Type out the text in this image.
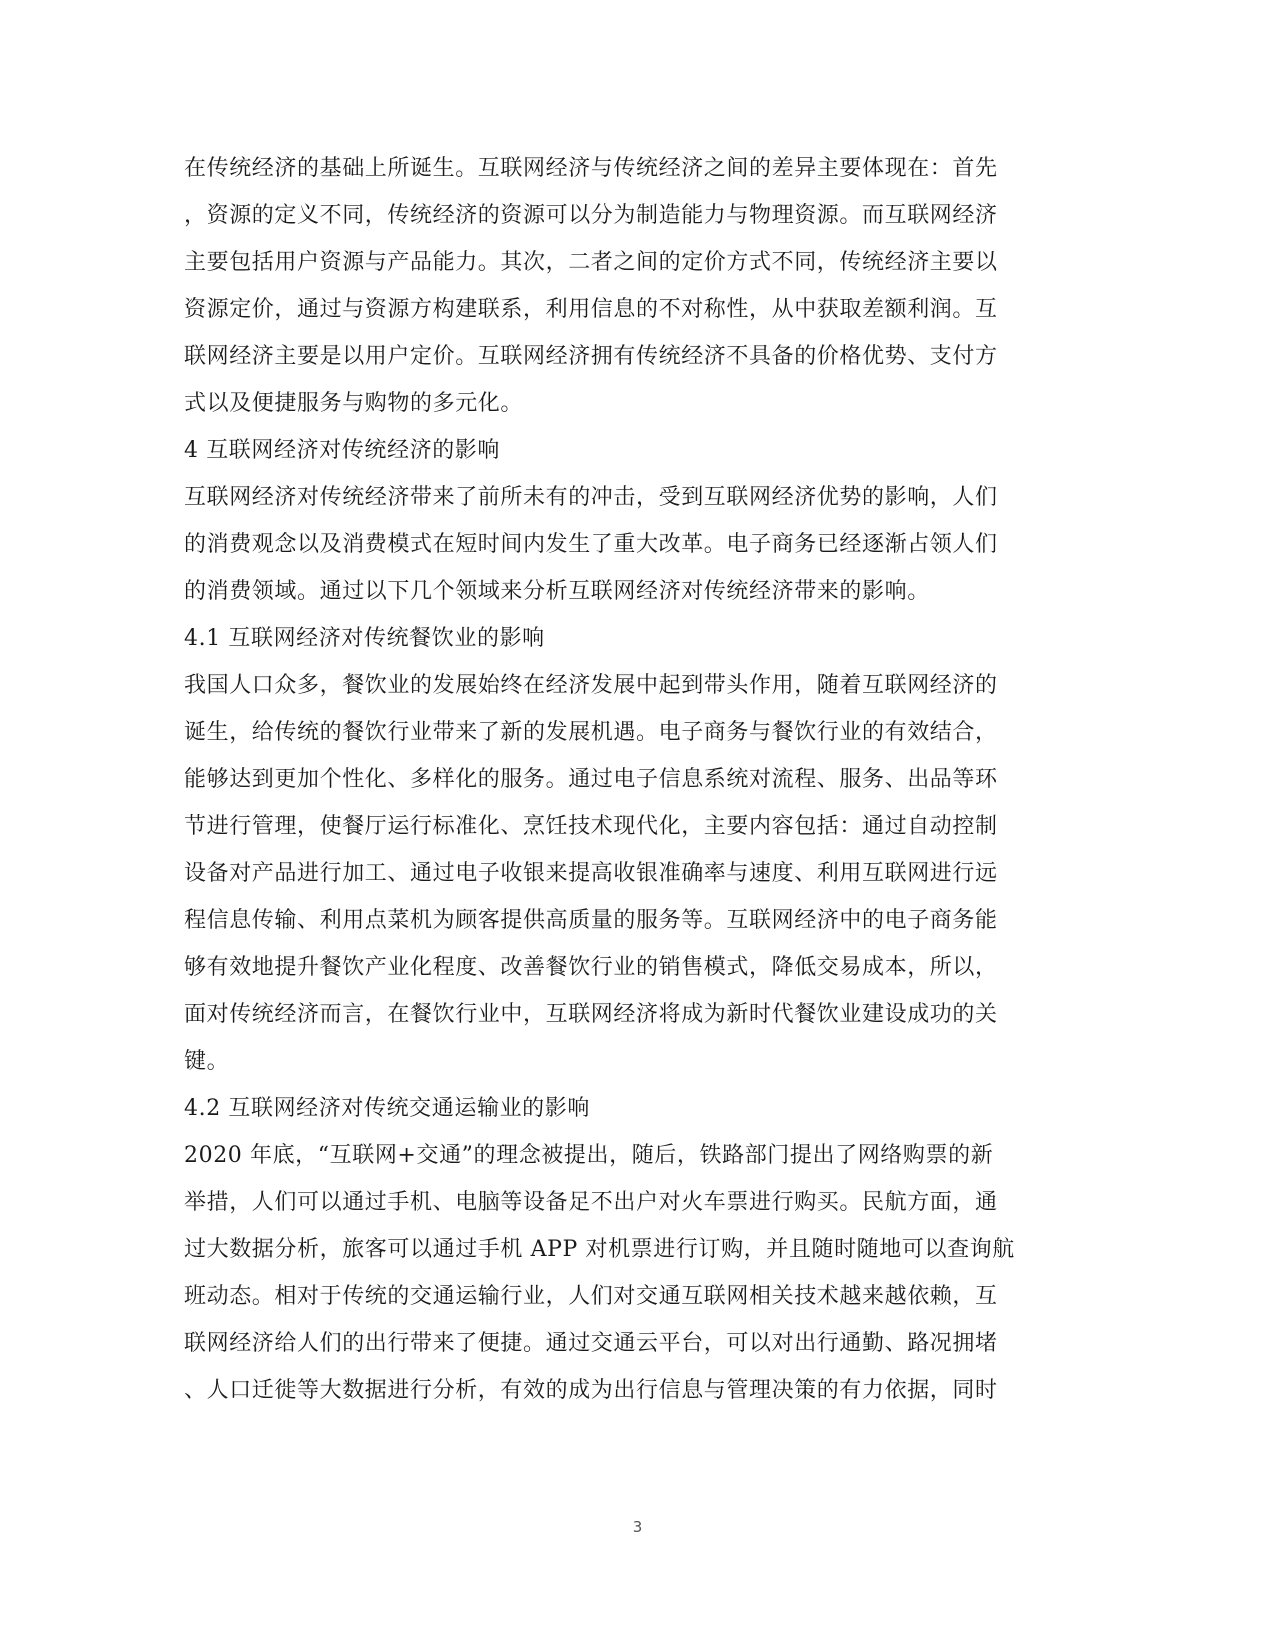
在传统经济的基础上所诞生。互联网经济与传统经济之间的差异主要体现在：首先
，资源的定义不同，传统经济的资源可以分为制造能力与物理资源。而互联网经济
主要包括用户资源与产品能力。其次，二者之间的定价方式不同，传统经济主要以
资源定价，通过与资源方构建联系，利用信息的不对称性，从中获取差额利润。互
联网经济主要是以用户定价。互联网经济拥有传统经济不具备的价格优势、支付方
式以及便捷服务与购物的多元化。
4 互联网经济对传统经济的影响
互联网经济对传统经济带来了前所未有的冲击，受到互联网经济优势的影响，人们
的消费观念以及消费模式在短时间内发生了重大改革。电子商务已经逐渐占领人们
的消费领域。通过以下几个领域来分析互联网经济对传统经济带来的影响。
4.1 互联网经济对传统餐饮业的影响
我国人口众多，餐饮业的发展始终在经济发展中起到带头作用，随着互联网经济的
诞生，给传统的餐饮行业带来了新的发展机遇。电子商务与餐饮行业的有效结合，
能够达到更加个性化、多样化的服务。通过电子信息系统对流程、服务、出品等环
节进行管理，使餐厅运行标准化、烹饪技术现代化，主要内容包括：通过自动控制
设备对产品进行加工、通过电子收银来提高收银准确率与速度、利用互联网进行远
程信息传输、利用点菜机为顾客提供高质量的服务等。互联网经济中的电子商务能
够有效地提升餐饮产业化程度、改善餐饮行业的销售模式，降低交易成本，所以，
面对传统经济而言，在餐饮行业中，互联网经济将成为新时代餐饮业建设成功的关
键。
4.2 互联网经济对传统交通运输业的影响
2020 年底，“互联网+交通”的理念被提出，随后，铁路部门提出了网络购票的新
举措，人们可以通过手机、电脑等设备足不出户对火车票进行购买。民航方面，通
过大数据分析，旅客可以通过手机 APP 对机票进行订购，并且随时随地可以查询航
班动态。相对于传统的交通运输行业，人们对交通互联网相关技术越来越依赖，互
联网经济给人们的出行带来了便捷。通过交通云平台，可以对出行通勤、路况拥堵
、人口迁徙等大数据进行分析，有效的成为出行信息与管理决策的有力依据，同时
3
